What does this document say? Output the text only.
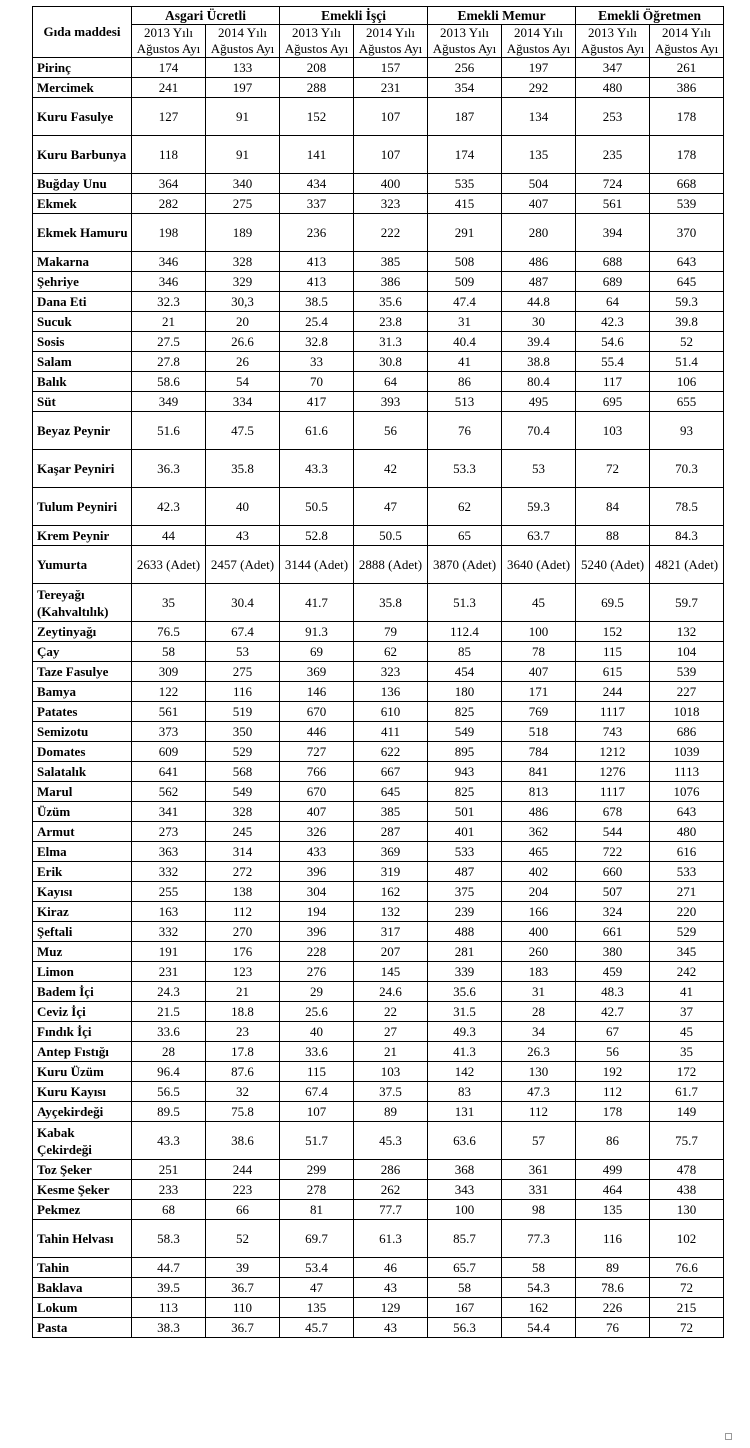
Gıda maddesi	Asgari Ücretli		Emekli İşçi		Emekli Memur		Emekli Öğretmen	
	2013 Yılı Ağustos Ayı	2014 Yılı Ağustos Ayı	2013 Yılı Ağustos Ayı	2014 Yılı Ağustos Ayı	2013 Yılı Ağustos Ayı	2014 Yılı Ağustos Ayı	2013 Yılı Ağustos Ayı	2014 Yılı Ağustos Ayı
Pirinç	174	133	208	157	256	197	347	261
Mercimek	241	197	288	231	354	292	480	386
Kuru Fasulye	127	91	152	107	187	134	253	178
Kuru Barbunya	118	91	141	107	174	135	235	178
Buğday Unu	364	340	434	400	535	504	724	668
Ekmek	282	275	337	323	415	407	561	539
Ekmek Hamuru	198	189	236	222	291	280	394	370
Makarna	346	328	413	385	508	486	688	643
Şehriye	346	329	413	386	509	487	689	645
Dana Eti	32.3	30,3	38.5	35.6	47.4	44.8	64	59.3
Sucuk	21	20	25.4	23.8	31	30	42.3	39.8
Sosis	27.5	26.6	32.8	31.3	40.4	39.4	54.6	52
Salam	27.8	26	33	30.8	41	38.8	55.4	51.4
Balık	58.6	54	70	64	86	80.4	117	106
Süt	349	334	417	393	513	495	695	655
Beyaz Peynir	51.6	47.5	61.6	56	76	70.4	103	93
Kaşar Peyniri	36.3	35.8	43.3	42	53.3	53	72	70.3
Tulum Peyniri	42.3	40	50.5	47	62	59.3	84	78.5
Krem Peynir	44	43	52.8	50.5	65	63.7	88	84.3
Yumurta	2633 (Adet)	2457 (Adet)	3144 (Adet)	2888 (Adet)	3870 (Adet)	3640 (Adet)	5240 (Adet)	4821 (Adet)
Tereyağı (Kahvaltılık)	35	30.4	41.7	35.8	51.3	45	69.5	59.7
Zeytinyağı	76.5	67.4	91.3	79	112.4	100	152	132
Çay	58	53	69	62	85	78	115	104
Taze Fasulye	309	275	369	323	454	407	615	539
Bamya	122	116	146	136	180	171	244	227
Patates	561	519	670	610	825	769	1117	1018
Semizotu	373	350	446	411	549	518	743	686
Domates	609	529	727	622	895	784	1212	1039
Salatalık	641	568	766	667	943	841	1276	1113
Marul	562	549	670	645	825	813	1117	1076
Üzüm	341	328	407	385	501	486	678	643
Armut	273	245	326	287	401	362	544	480
Elma	363	314	433	369	533	465	722	616
Erik	332	272	396	319	487	402	660	533
Kayısı	255	138	304	162	375	204	507	271
Kiraz	163	112	194	132	239	166	324	220
Şeftali	332	270	396	317	488	400	661	529
Muz	191	176	228	207	281	260	380	345
Limon	231	123	276	145	339	183	459	242
Badem İçi	24.3	21	29	24.6	35.6	31	48.3	41
Ceviz İçi	21.5	18.8	25.6	22	31.5	28	42.7	37
Fındık İçi	33.6	23	40	27	49.3	34	67	45
Antep Fıstığı	28	17.8	33.6	21	41.3	26.3	56	35
Kuru Üzüm	96.4	87.6	115	103	142	130	192	172
Kuru Kayısı	56.5	32	67.4	37.5	83	47.3	112	61.7
Ayçekirdeği	89.5	75.8	107	89	131	112	178	149
Kabak Çekirdeği	43.3	38.6	51.7	45.3	63.6	57	86	75.7
Toz Şeker	251	244	299	286	368	361	499	478
Kesme Şeker	233	223	278	262	343	331	464	438
Pekmez	68	66	81	77.7	100	98	135	130
Tahin Helvası	58.3	52	69.7	61.3	85.7	77.3	116	102
Tahin	44.7	39	53.4	46	65.7	58	89	76.6
Baklava	39.5	36.7	47	43	58	54.3	78.6	72
Lokum	113	110	135	129	167	162	226	215
Pasta	38.3	36.7	45.7	43	56.3	54.4	76	72
